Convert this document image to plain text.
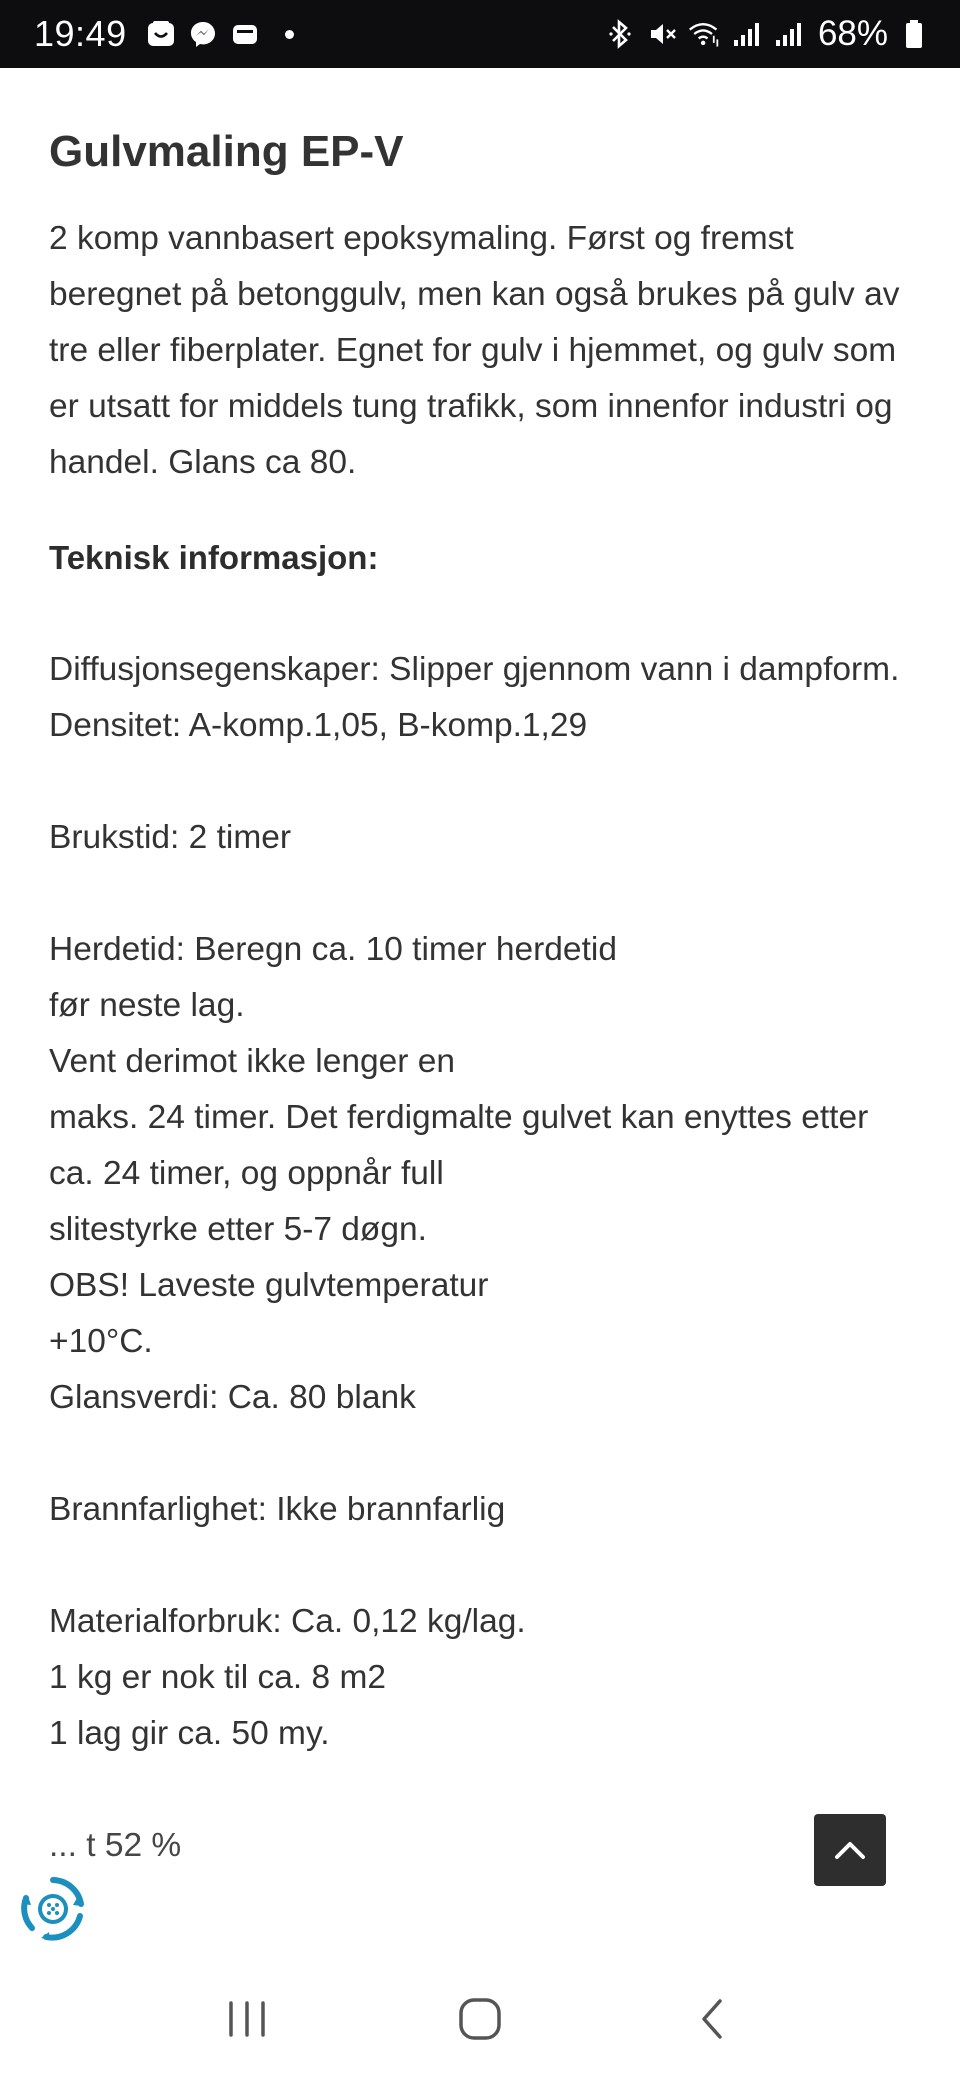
19:49	68%
Gulvmaling EP-V

2 komp vannbasert epoksymaling. Først og fremst beregnet på betonggulv, men kan også brukes på gulv av tre eller fiberplater. Egnet for gulv i hjemmet, og gulv som er utsatt for middels tung trafikk, som innenfor industri og handel. Glans ca 80.

Teknisk informasjon:
Diffusjonsegenskaper: Slipper gjennom vann i dampform.
Densitet: A-komp.1,05, B-komp.1,29
Brukstid: 2 timer
Herdetid: Beregn ca. 10 timer herdetid
før neste lag.
Vent derimot ikke lenger en
maks. 24 timer. Det ferdigmalte gulvet kan enyttes etter
ca. 24 timer, og oppnår full
slitestyrke etter 5-7 døgn.
OBS! Laveste gulvtemperatur
+10°C.
Glansverdi: Ca. 80 blank
Brannfarlighet: Ikke brannfarlig
Materialforbruk: Ca. 0,12 kg/lag.
1 kg er nok til ca. 8 m2
1 lag gir ca. 50 my.
... t 52 %
